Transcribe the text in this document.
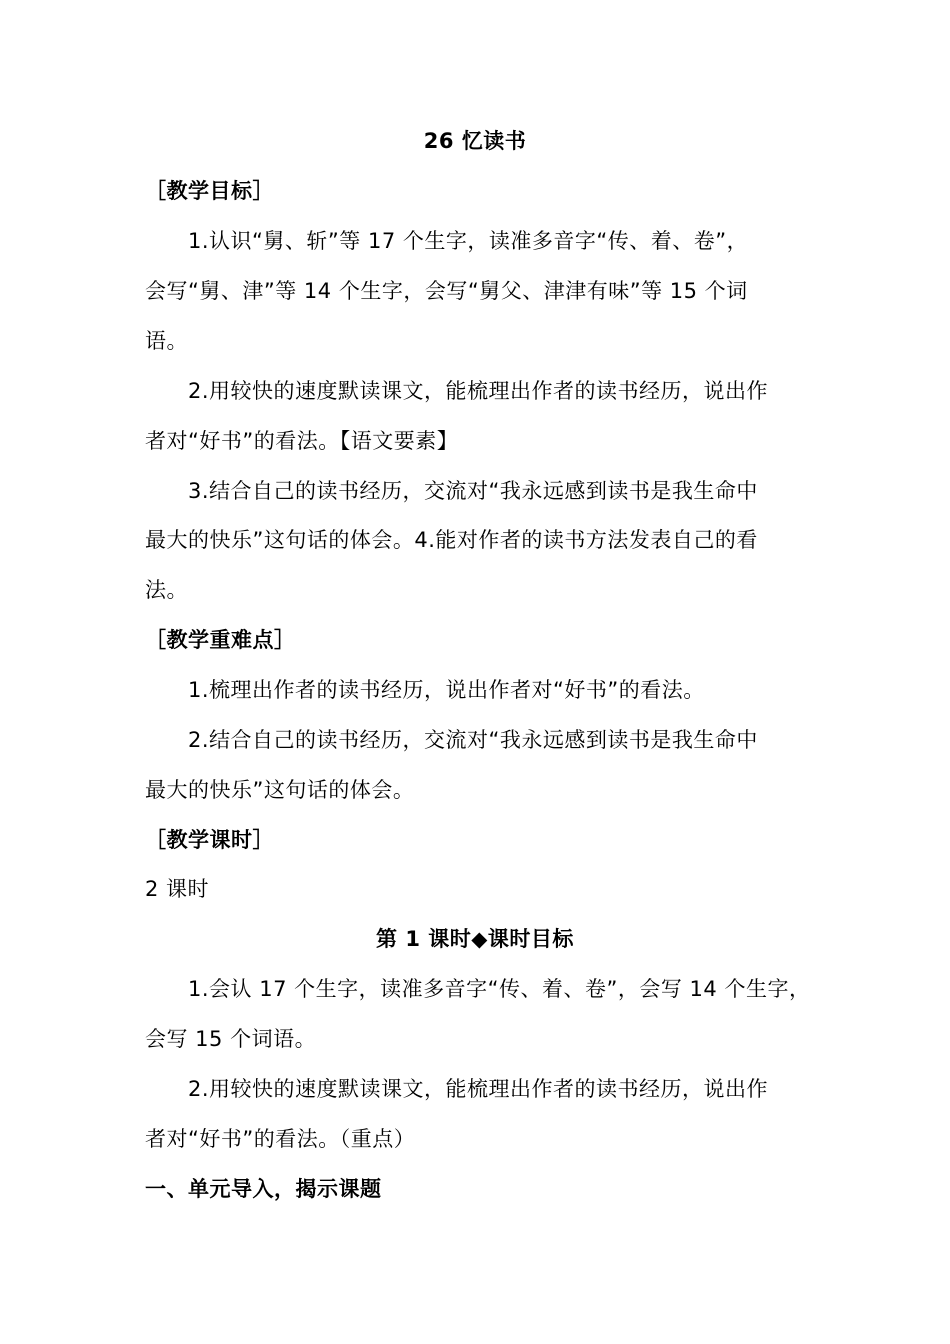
26 忆读书
［教学目标］
1.认识“舅、斩”等 17 个生字，读准多音字“传、着、卷”，
会写“舅、津”等 14 个生字，会写“舅父、津津有味”等 15 个词
语。
2.用较快的速度默读课文，能梳理出作者的读书经历，说出作
者对“好书”的看法。【语文要素】
3.结合自己的读书经历，交流对“我永远感到读书是我生命中
最大的快乐”这句话的体会。4.能对作者的读书方法发表自己的看
法。
［教学重难点］
1.梳理出作者的读书经历，说出作者对“好书”的看法。
2.结合自己的读书经历，交流对“我永远感到读书是我生命中
最大的快乐”这句话的体会。
［教学课时］
2 课时
第 1 课时◆课时目标
1.会认 17 个生字，读准多音字“传、着、卷”，会写 14 个生字，
会写 15 个词语。
2.用较快的速度默读课文，能梳理出作者的读书经历，说出作
者对“好书”的看法。（重点）
一、单元导入，揭示课题
